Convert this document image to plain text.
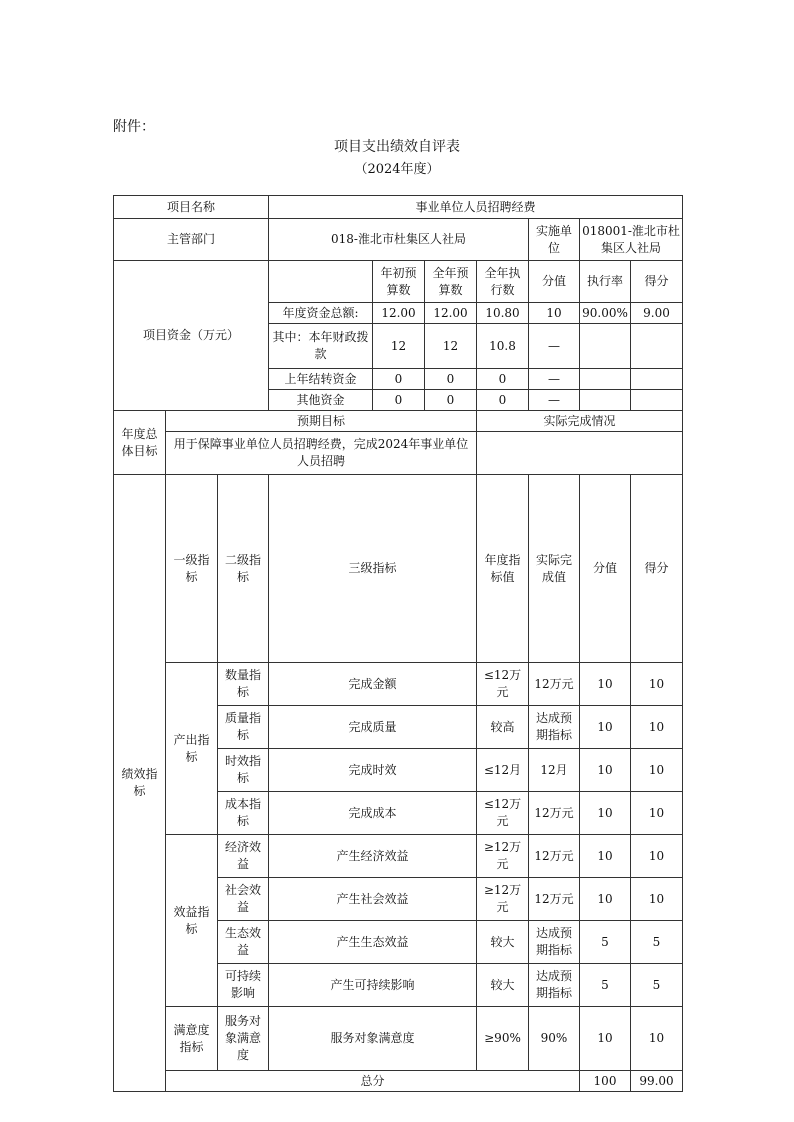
附件：
项目支出绩效自评表
（2024年度）
项目名称			事业单位人员招聘经费							
主管部门			018-淮北市杜集区人社局				实施单位	018001-淮北市杜集区人社局		
项目资金（万元）				年初预算数	全年预算数	全年执行数	分值	执行率	得分	
			年度资金总额:	12.00	12.00	10.80	10	90.00%	9.00	
			其中：本年财政拨款	12	12	10.8	—			
			上年结转资金	0	0	0	—			
			其他资金	0	0	0	—			
年度总体目标	预期目标					实际完成情况				
	用于保障事业单位人员招聘经费，完成2024年事业单位人员招聘									
绩效指标	一级指标	二级指标	三级指标			年度指标值	实际完成值	分值	得分	
	产出指标	数量指标	完成金额			≤12万元	12万元	10	10	
		质量指标	完成质量			较高	达成预期指标	10	10	
		时效指标	完成时效			≤12月	12月	10	10	
		成本指标	完成成本			≤12万元	12万元	10	10	
	效益指标	经济效益	产生经济效益			≥12万元	12万元	10	10	
		社会效益	产生社会效益			≥12万元	12万元	10	10	
		生态效益	产生生态效益			较大	达成预期指标	5	5	
		可持续影响	产生可持续影响			较大	达成预期指标	5	5	
	满意度指标	服务对象满意度	服务对象满意度			≥90%	90%	10	10	
	总分							100	99.00	
